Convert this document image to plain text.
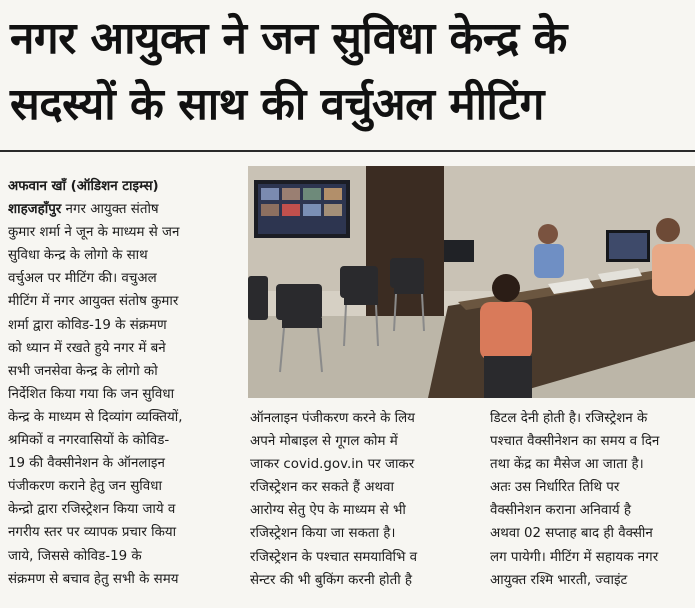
नगर आयुक्त ने जन सुविधा केन्द्र के
सदस्यों के साथ की वर्चुअल मीटिंग
अफवान खाँ (ऑडिशन टाइम्स)
शाहजहाँपुर नगर आयुक्त संतोष
कुमार शर्मा ने जून के माध्यम से जन
सुविधा केन्द्र के लोगो के साथ
वर्चुअल पर मीटिंग की। वचुअल
मीटिंग में नगर आयुक्त संतोष कुमार
शर्मा द्वारा कोविड-19 के संक्रमण
को ध्यान में रखते हुये नगर में बने
सभी जनसेवा केन्द्र के लोगो को
निर्देशित किया गया कि जन सुविधा
केन्द्र के माध्यम से दिव्यांग व्यक्तियों,
श्रमिकों व नगरवासियों के कोविड-
19 की वैक्सीनेशन के ऑनलाइन
पंजीकरण कराने हेतु जन सुविधा
केन्द्रो द्वारा रजिस्ट्रेशन किया जाये व
नगरीय स्तर पर व्यापक प्रचार किया
जाये, जिससे कोविड-19 के
संक्रमण से बचाव हेतु सभी के समय
ऑनलाइन पंजीकरण करने के लिय
अपने मोबाइल से गूगल कोम में
जाकर covid.gov.in पर जाकर
रजिस्ट्रेशन कर सकते हैं अथवा
आरोग्य सेतु ऐप के माध्यम से भी
रजिस्ट्रेशन किया जा सकता है।
रजिस्ट्रेशन के पश्चात समयाविभि व
सेन्टर की भी बुकिंग करनी होती है
डिटल देनी होती है। रजिस्ट्रेशन के
पश्चात वैक्सीनेशन का समय व दिन
तथा केंद्र का मैसेज आ जाता है।
अतः उस निर्धारित तिथि पर
वैक्सीनेशन कराना अनिवार्य है
अथवा 02 सप्ताह बाद ही वैक्सीन
लग पायेगी। मीटिंग में सहायक नगर
आयुक्त रश्मि भारती, ज्वाइंट
